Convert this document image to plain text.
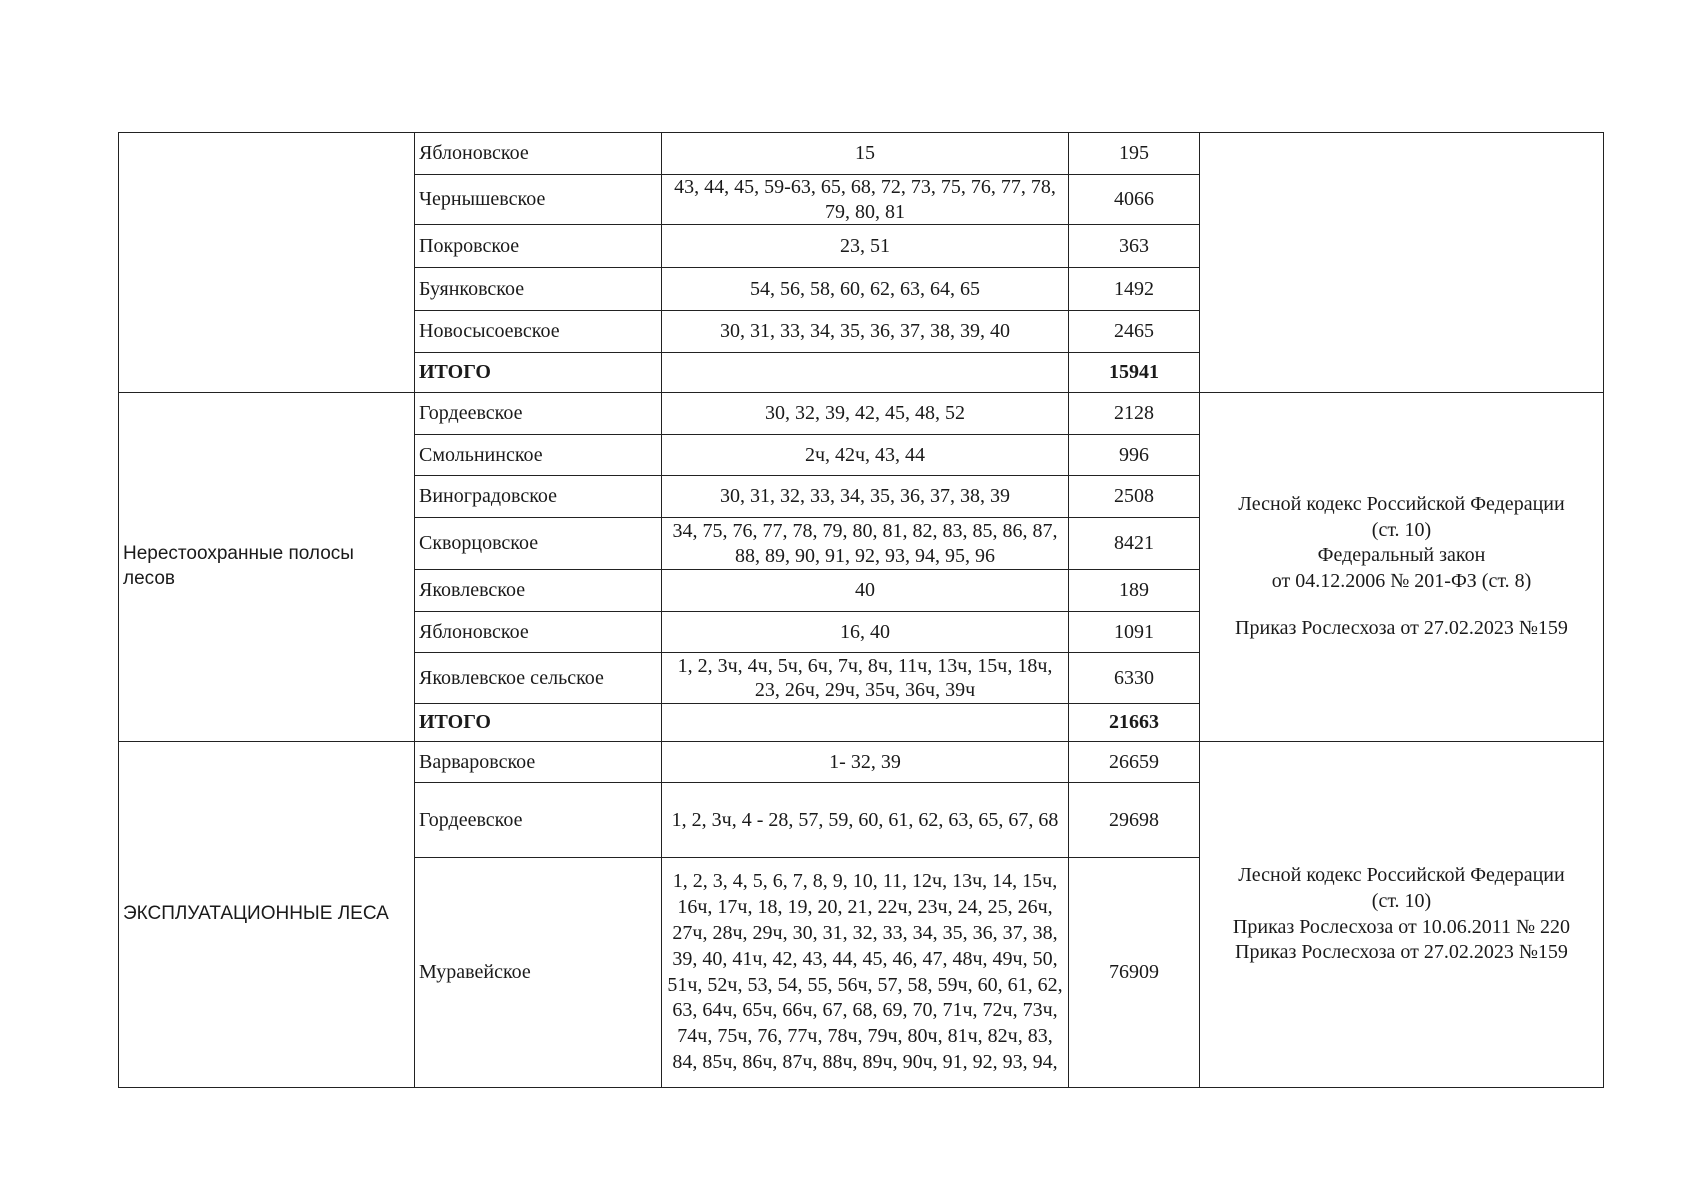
	Яблоновское	15	195	
	Чернышевское	43, 44, 45, 59-63, 65, 68, 72, 73, 75, 76, 77, 78, 79, 80, 81	4066	
	Покровское	23, 51	363	
	Буянковское	54, 56, 58, 60, 62, 63, 64, 65	1492	
	Новосысоевское	30, 31, 33, 34, 35, 36, 37, 38, 39, 40	2465	
	ИТОГО		15941	
Нерестоохранные полосы лесов	Гордеевское	30, 32, 39, 42, 45, 48, 52	2128	Лесной кодекс Российской Федерации
(ст. 10)
Федеральный закон
от 04.12.2006 № 201-ФЗ (ст. 8)
Приказ Рослесхоза от 27.02.2023 №159

	Смольнинское	2ч, 42ч, 43, 44	996	
	Виноградовское	30, 31, 32, 33, 34, 35, 36, 37, 38, 39	2508	
	Скворцовское	34, 75, 76, 77, 78, 79, 80, 81, 82, 83, 85, 86, 87, 88, 89, 90, 91, 92, 93, 94, 95, 96	8421	
	Яковлевское	40	189	
	Яблоновское	16, 40	1091	
	Яковлевское сельское	1, 2, 3ч, 4ч, 5ч, 6ч, 7ч, 8ч, 11ч, 13ч, 15ч, 18ч, 23, 26ч, 29ч, 35ч, 36ч, 39ч	6330	
	ИТОГО		21663	
ЭКСПЛУАТАЦИОННЫЕ ЛЕСА	Варваровское	1- 32, 39	26659	Лесной кодекс Российской Федерации
(ст. 10)
Приказ Рослесхоза от 10.06.2011 № 220
Приказ Рослесхоза от 27.02.2023 №159

	Гордеевское	1, 2, 3ч, 4 - 28, 57, 59, 60, 61, 62, 63, 65, 67, 68	29698	
	Муравейское	1, 2, 3, 4, 5, 6, 7, 8, 9, 10, 11, 12ч, 13ч, 14, 15ч, 16ч, 17ч, 18, 19, 20, 21, 22ч, 23ч, 24, 25, 26ч, 27ч, 28ч, 29ч, 30, 31, 32, 33, 34, 35, 36, 37, 38, 39, 40, 41ч, 42, 43, 44, 45, 46, 47, 48ч, 49ч, 50, 51ч, 52ч, 53, 54, 55, 56ч, 57, 58, 59ч, 60, 61, 62, 63, 64ч, 65ч, 66ч, 67, 68, 69, 70, 71ч, 72ч, 73ч, 74ч, 75ч, 76, 77ч, 78ч, 79ч, 80ч, 81ч, 82ч, 83, 84, 85ч, 86ч, 87ч, 88ч, 89ч, 90ч, 91, 92, 93, 94,	76909	
